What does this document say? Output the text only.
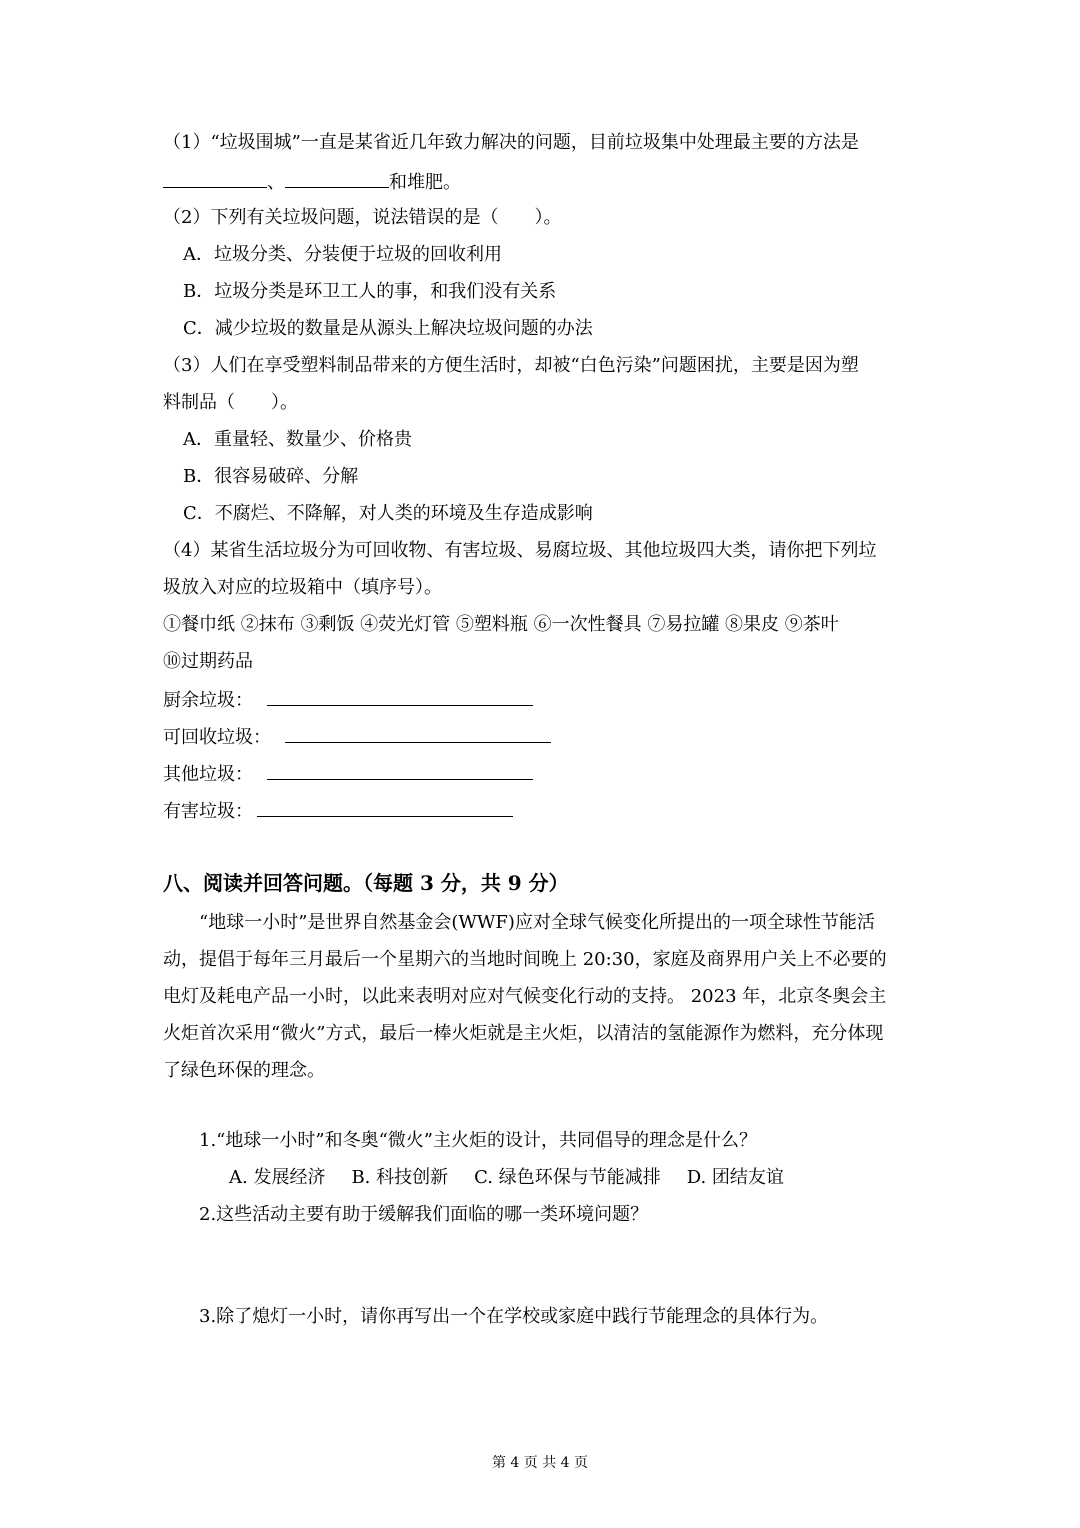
（1）“垃圾围城”一直是某省近几年致力解决的问题，目前垃圾集中处理最主要的方法是
、	和堆肥。
（2）下列有关垃圾问题，说法错误的是（　　）。
A．垃圾分类、分装便于垃圾的回收利用
B．垃圾分类是环卫工人的事，和我们没有关系
C．减少垃圾的数量是从源头上解决垃圾问题的办法
（3）人们在享受塑料制品带来的方便生活时，却被“白色污染”问题困扰，主要是因为塑
料制品（　　）。
A．重量轻、数量少、价格贵
B．很容易破碎、分解
C．不腐烂、不降解，对人类的环境及生存造成影响
（4）某省生活垃圾分为可回收物、有害垃圾、易腐垃圾、其他垃圾四大类，请你把下列垃
圾放入对应的垃圾箱中（填序号）。
①餐巾纸 ②抹布 ③剩饭 ④荧光灯管 ⑤塑料瓶 ⑥一次性餐具 ⑦易拉罐 ⑧果皮 ⑨茶叶
⑩过期药品
厨余垃圾：
可回收垃圾：
其他垃圾：
有害垃圾：
八、阅读并回答问题。（每题 3 分，共 9 分）
“地球一小时”是世界自然基金会(WWF)应对全球气候变化所提出的一项全球性节能活
动，提倡于每年三月最后一个星期六的当地时间晚上 20:30，家庭及商界用户关上不必要的
电灯及耗电产品一小时，以此来表明对应对气候变化行动的支持。 2023 年，北京冬奥会主
火炬首次采用“微火”方式，最后一棒火炬就是主火炬，以清洁的氢能源作为燃料，充分体现
了绿色环保的理念。
1.“地球一小时”和冬奥“微火”主火炬的设计，共同倡导的理念是什么？
A. 发展经济 B. 科技创新 C. 绿色环保与节能减排 D. 团结友谊
2.这些活动主要有助于缓解我们面临的哪一类环境问题？
3.除了熄灯一小时，请你再写出一个在学校或家庭中践行节能理念的具体行为。
第 4 页 共 4 页
